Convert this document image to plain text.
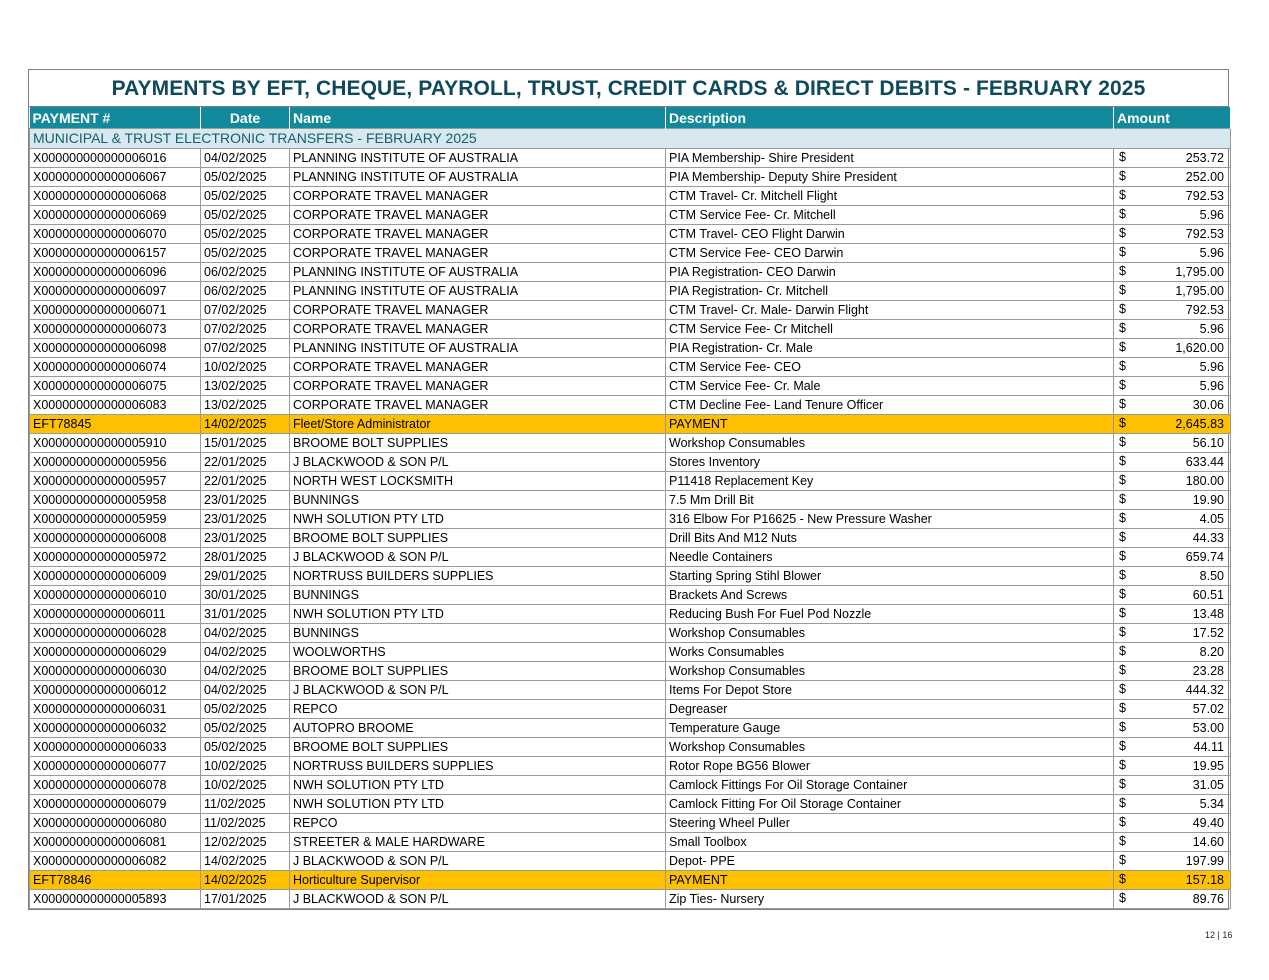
PAYMENTS BY EFT, CHEQUE, PAYROLL, TRUST, CREDIT CARDS & DIRECT DEBITS - FEBRUARY 2025
PAYMENT #	Date	Name	Description	Amount
MUNICIPAL & TRUST ELECTRONIC TRANSFERS - FEBRUARY 2025				
X000000000000006016	04/02/2025	PLANNING INSTITUTE OF AUSTRALIA	PIA Membership- Shire President	$ 253.72
X000000000000006067	05/02/2025	PLANNING INSTITUTE OF AUSTRALIA	PIA Membership- Deputy Shire President	$ 252.00
X000000000000006068	05/02/2025	CORPORATE TRAVEL MANAGER	CTM Travel- Cr. Mitchell Flight	$ 792.53
X000000000000006069	05/02/2025	CORPORATE TRAVEL MANAGER	CTM Service Fee- Cr. Mitchell	$ 5.96
X000000000000006070	05/02/2025	CORPORATE TRAVEL MANAGER	CTM Travel- CEO Flight Darwin	$ 792.53
X000000000000006157	05/02/2025	CORPORATE TRAVEL MANAGER	CTM Service Fee- CEO Darwin	$ 5.96
X000000000000006096	06/02/2025	PLANNING INSTITUTE OF AUSTRALIA	PIA Registration- CEO Darwin	$ 1,795.00
X000000000000006097	06/02/2025	PLANNING INSTITUTE OF AUSTRALIA	PIA Registration- Cr. Mitchell	$ 1,795.00
X000000000000006071	07/02/2025	CORPORATE TRAVEL MANAGER	CTM Travel- Cr. Male- Darwin Flight	$ 792.53
X000000000000006073	07/02/2025	CORPORATE TRAVEL MANAGER	CTM Service Fee- Cr Mitchell	$ 5.96
X000000000000006098	07/02/2025	PLANNING INSTITUTE OF AUSTRALIA	PIA Registration- Cr. Male	$ 1,620.00
X000000000000006074	10/02/2025	CORPORATE TRAVEL MANAGER	CTM Service Fee- CEO	$ 5.96
X000000000000006075	13/02/2025	CORPORATE TRAVEL MANAGER	CTM Service Fee- Cr. Male	$ 5.96
X000000000000006083	13/02/2025	CORPORATE TRAVEL MANAGER	CTM Decline Fee- Land Tenure Officer	$ 30.06
EFT78845	14/02/2025	Fleet/Store Administrator	PAYMENT	$ 2,645.83
X000000000000005910	15/01/2025	BROOME BOLT SUPPLIES	Workshop Consumables	$ 56.10
X000000000000005956	22/01/2025	J BLACKWOOD & SON P/L	Stores Inventory	$ 633.44
X000000000000005957	22/01/2025	NORTH WEST LOCKSMITH	P11418 Replacement Key	$ 180.00
X000000000000005958	23/01/2025	BUNNINGS	7.5 Mm Drill Bit	$ 19.90
X000000000000005959	23/01/2025	NWH SOLUTION PTY LTD	316 Elbow For P16625 - New Pressure Washer	$ 4.05
X000000000000006008	23/01/2025	BROOME BOLT SUPPLIES	Drill Bits And M12 Nuts	$ 44.33
X000000000000005972	28/01/2025	J BLACKWOOD & SON P/L	Needle Containers	$ 659.74
X000000000000006009	29/01/2025	NORTRUSS BUILDERS SUPPLIES	Starting Spring Stihl Blower	$ 8.50
X000000000000006010	30/01/2025	BUNNINGS	Brackets And Screws	$ 60.51
X000000000000006011	31/01/2025	NWH SOLUTION PTY LTD	Reducing Bush For Fuel Pod Nozzle	$ 13.48
X000000000000006028	04/02/2025	BUNNINGS	Workshop Consumables	$ 17.52
X000000000000006029	04/02/2025	WOOLWORTHS	Works Consumables	$ 8.20
X000000000000006030	04/02/2025	BROOME BOLT SUPPLIES	Workshop Consumables	$ 23.28
X000000000000006012	04/02/2025	J BLACKWOOD & SON P/L	Items For Depot Store	$ 444.32
X000000000000006031	05/02/2025	REPCO	Degreaser	$ 57.02
X000000000000006032	05/02/2025	AUTOPRO BROOME	Temperature Gauge	$ 53.00
X000000000000006033	05/02/2025	BROOME BOLT SUPPLIES	Workshop Consumables	$ 44.11
X000000000000006077	10/02/2025	NORTRUSS BUILDERS SUPPLIES	Rotor Rope BG56 Blower	$ 19.95
X000000000000006078	10/02/2025	NWH SOLUTION PTY LTD	Camlock Fittings For Oil Storage Container	$ 31.05
X000000000000006079	11/02/2025	NWH SOLUTION PTY LTD	Camlock Fitting For Oil Storage Container	$ 5.34
X000000000000006080	11/02/2025	REPCO	Steering Wheel Puller	$ 49.40
X000000000000006081	12/02/2025	STREETER & MALE HARDWARE	Small Toolbox	$ 14.60
X000000000000006082	14/02/2025	J BLACKWOOD & SON P/L	Depot- PPE	$ 197.99
EFT78846	14/02/2025	Horticulture Supervisor	PAYMENT	$ 157.18
X000000000000005893	17/01/2025	J BLACKWOOD & SON P/L	Zip Ties- Nursery	$ 89.76
12 | 16
